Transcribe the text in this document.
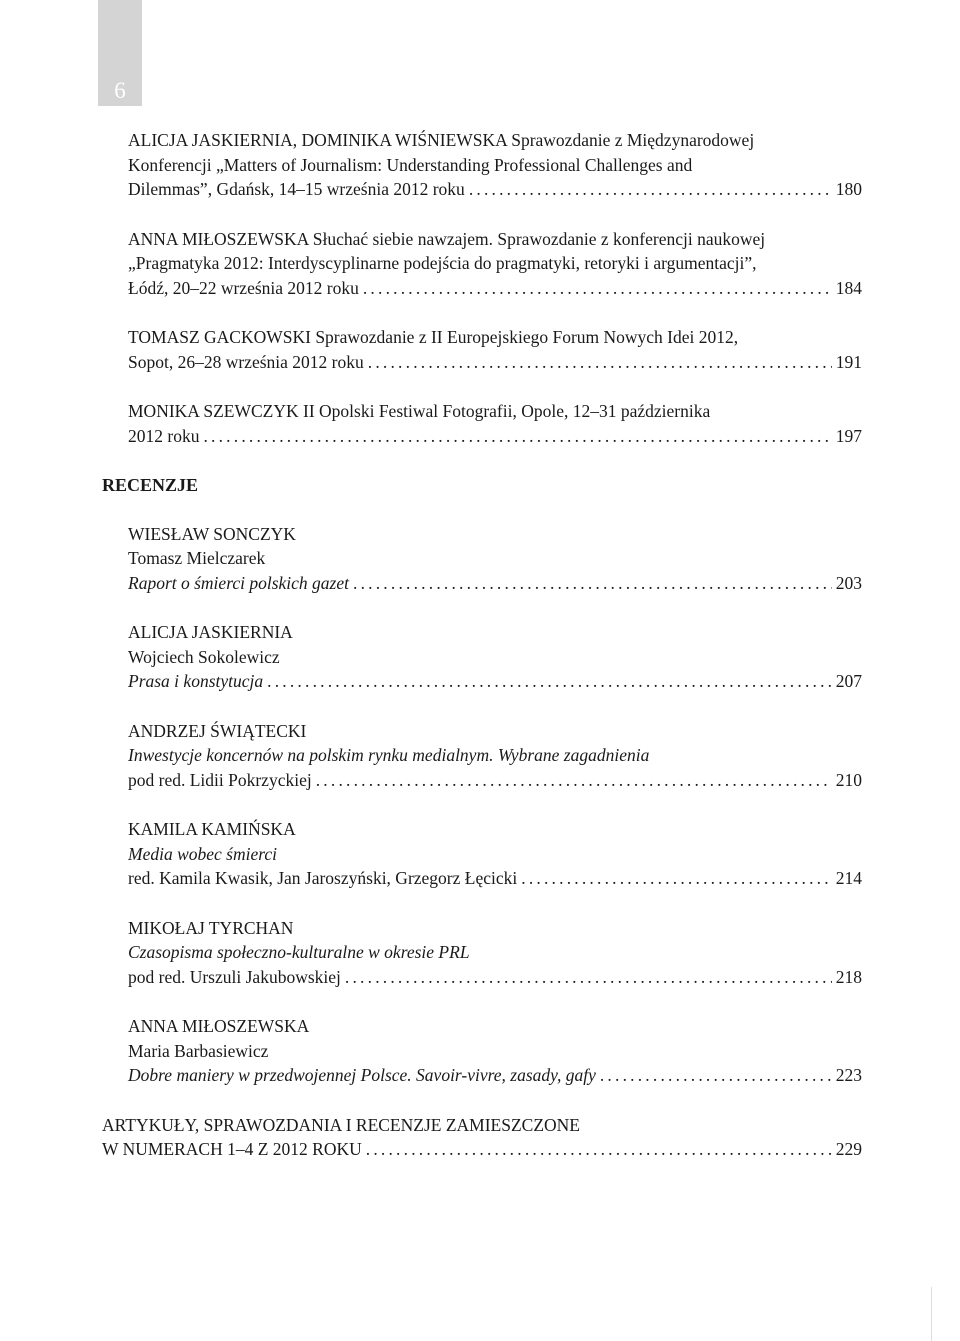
6
ALICJA JASKIERNIA, DOMINIKA WIŚNIEWSKA Sprawozdanie z Międzynarodowej
Konferencji „Matters of Journalism: Understanding Professional Challenges and
Dilemmas”, Gdańsk, 14–15 września 2012 roku .....	180
ANNA MIŁOSZEWSKA Słuchać siebie nawzajem. Sprawozdanie z konferencji naukowej
„Pragmatyka 2012: Interdyscyplinarne podejścia do pragmatyki, retoryki i argumentacji”,
Łódź, 20–22 września 2012 roku .....	184
TOMASZ GACKOWSKI Sprawozdanie z II Europejskiego Forum Nowych Idei 2012,
Sopot, 26–28 września 2012 roku .....	191
MONIKA SZEWCZYK II Opolski Festiwal Fotografii, Opole, 12–31 października
2012 roku .....	197
RECENZJE
WIESŁAW SONCZYK
Tomasz Mielczarek
Raport o śmierci polskich gazet .....	203
ALICJA JASKIERNIA
Wojciech Sokolewicz
Prasa i konstytucja .....	207
ANDRZEJ ŚWIĄTECKI
Inwestycje koncernów na polskim rynku medialnym. Wybrane zagadnienia
pod red. Lidii Pokrzyckiej .....	210
KAMILA KAMIŃSKA
Media wobec śmierci
red. Kamila Kwasik, Jan Jaroszyński, Grzegorz Łęcicki .....	214
MIKOŁAJ TYRCHAN
Czasopisma społeczno-kulturalne w okresie PRL
pod red. Urszuli Jakubowskiej .....	218
ANNA MIŁOSZEWSKA
Maria Barbasiewicz
Dobre maniery w przedwojennej Polsce. Savoir-vivre, zasady, gafy .....	223
ARTYKUŁY, SPRAWOZDANIA I RECENZJE ZAMIESZCZONE
W NUMERACH 1–4 Z 2012 ROKU .....	229
